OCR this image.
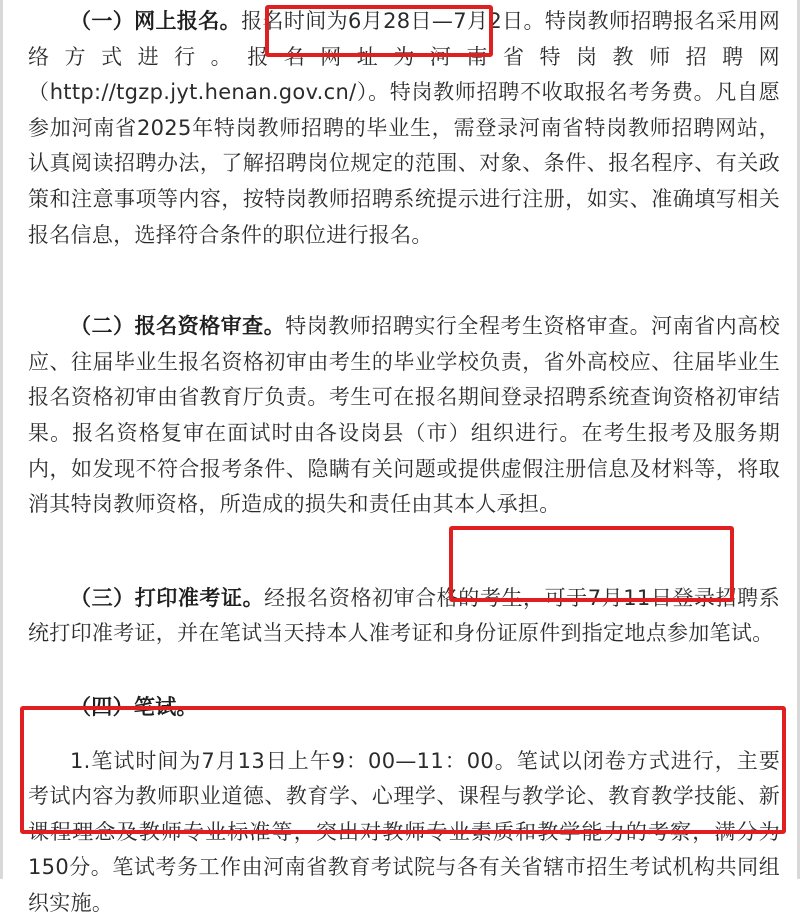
（一）网上报名。报名时间为6月28日—7月2日。特岗教师招聘报名采用网络方式进行。报名网址为河南省特岗教师招聘网（http://tgzp.jyt.henan.gov.cn/）。特岗教师招聘不收取报名考务费。凡自愿参加河南省2025年特岗教师招聘的毕业生，需登录河南省特岗教师招聘网站，认真阅读招聘办法，了解招聘岗位规定的范围、对象、条件、报名程序、有关政策和注意事项等内容，按特岗教师招聘系统提示进行注册，如实、准确填写相关报名信息，选择符合条件的职位进行报名。

（二）报名资格审查。特岗教师招聘实行全程考生资格审查。河南省内高校应、往届毕业生报名资格初审由考生的毕业学校负责，省外高校应、往届毕业生报名资格初审由省教育厅负责。考生可在报名期间登录招聘系统查询资格初审结果。报名资格复审在面试时由各设岗县（市）组织进行。在考生报考及服务期内，如发现不符合报考条件、隐瞒有关问题或提供虚假注册信息及材料等，将取消其特岗教师资格，所造成的损失和责任由其本人承担。

（三）打印准考证。经报名资格初审合格的考生，可于7月11日登录招聘系统打印准考证，并在笔试当天持本人准考证和身份证原件到指定地点参加笔试。

（四）笔试。

1.笔试时间为7月13日上午9：00—11：00。笔试以闭卷方式进行，主要考试内容为教师职业道德、教育学、心理学、课程与教学论、教育教学技能、新课程理念及教师专业标准等，突出对教师专业素质和教学能力的考察，满分为150分。笔试考务工作由河南省教育考试院与各有关省辖市招生考试机构共同组织实施。
